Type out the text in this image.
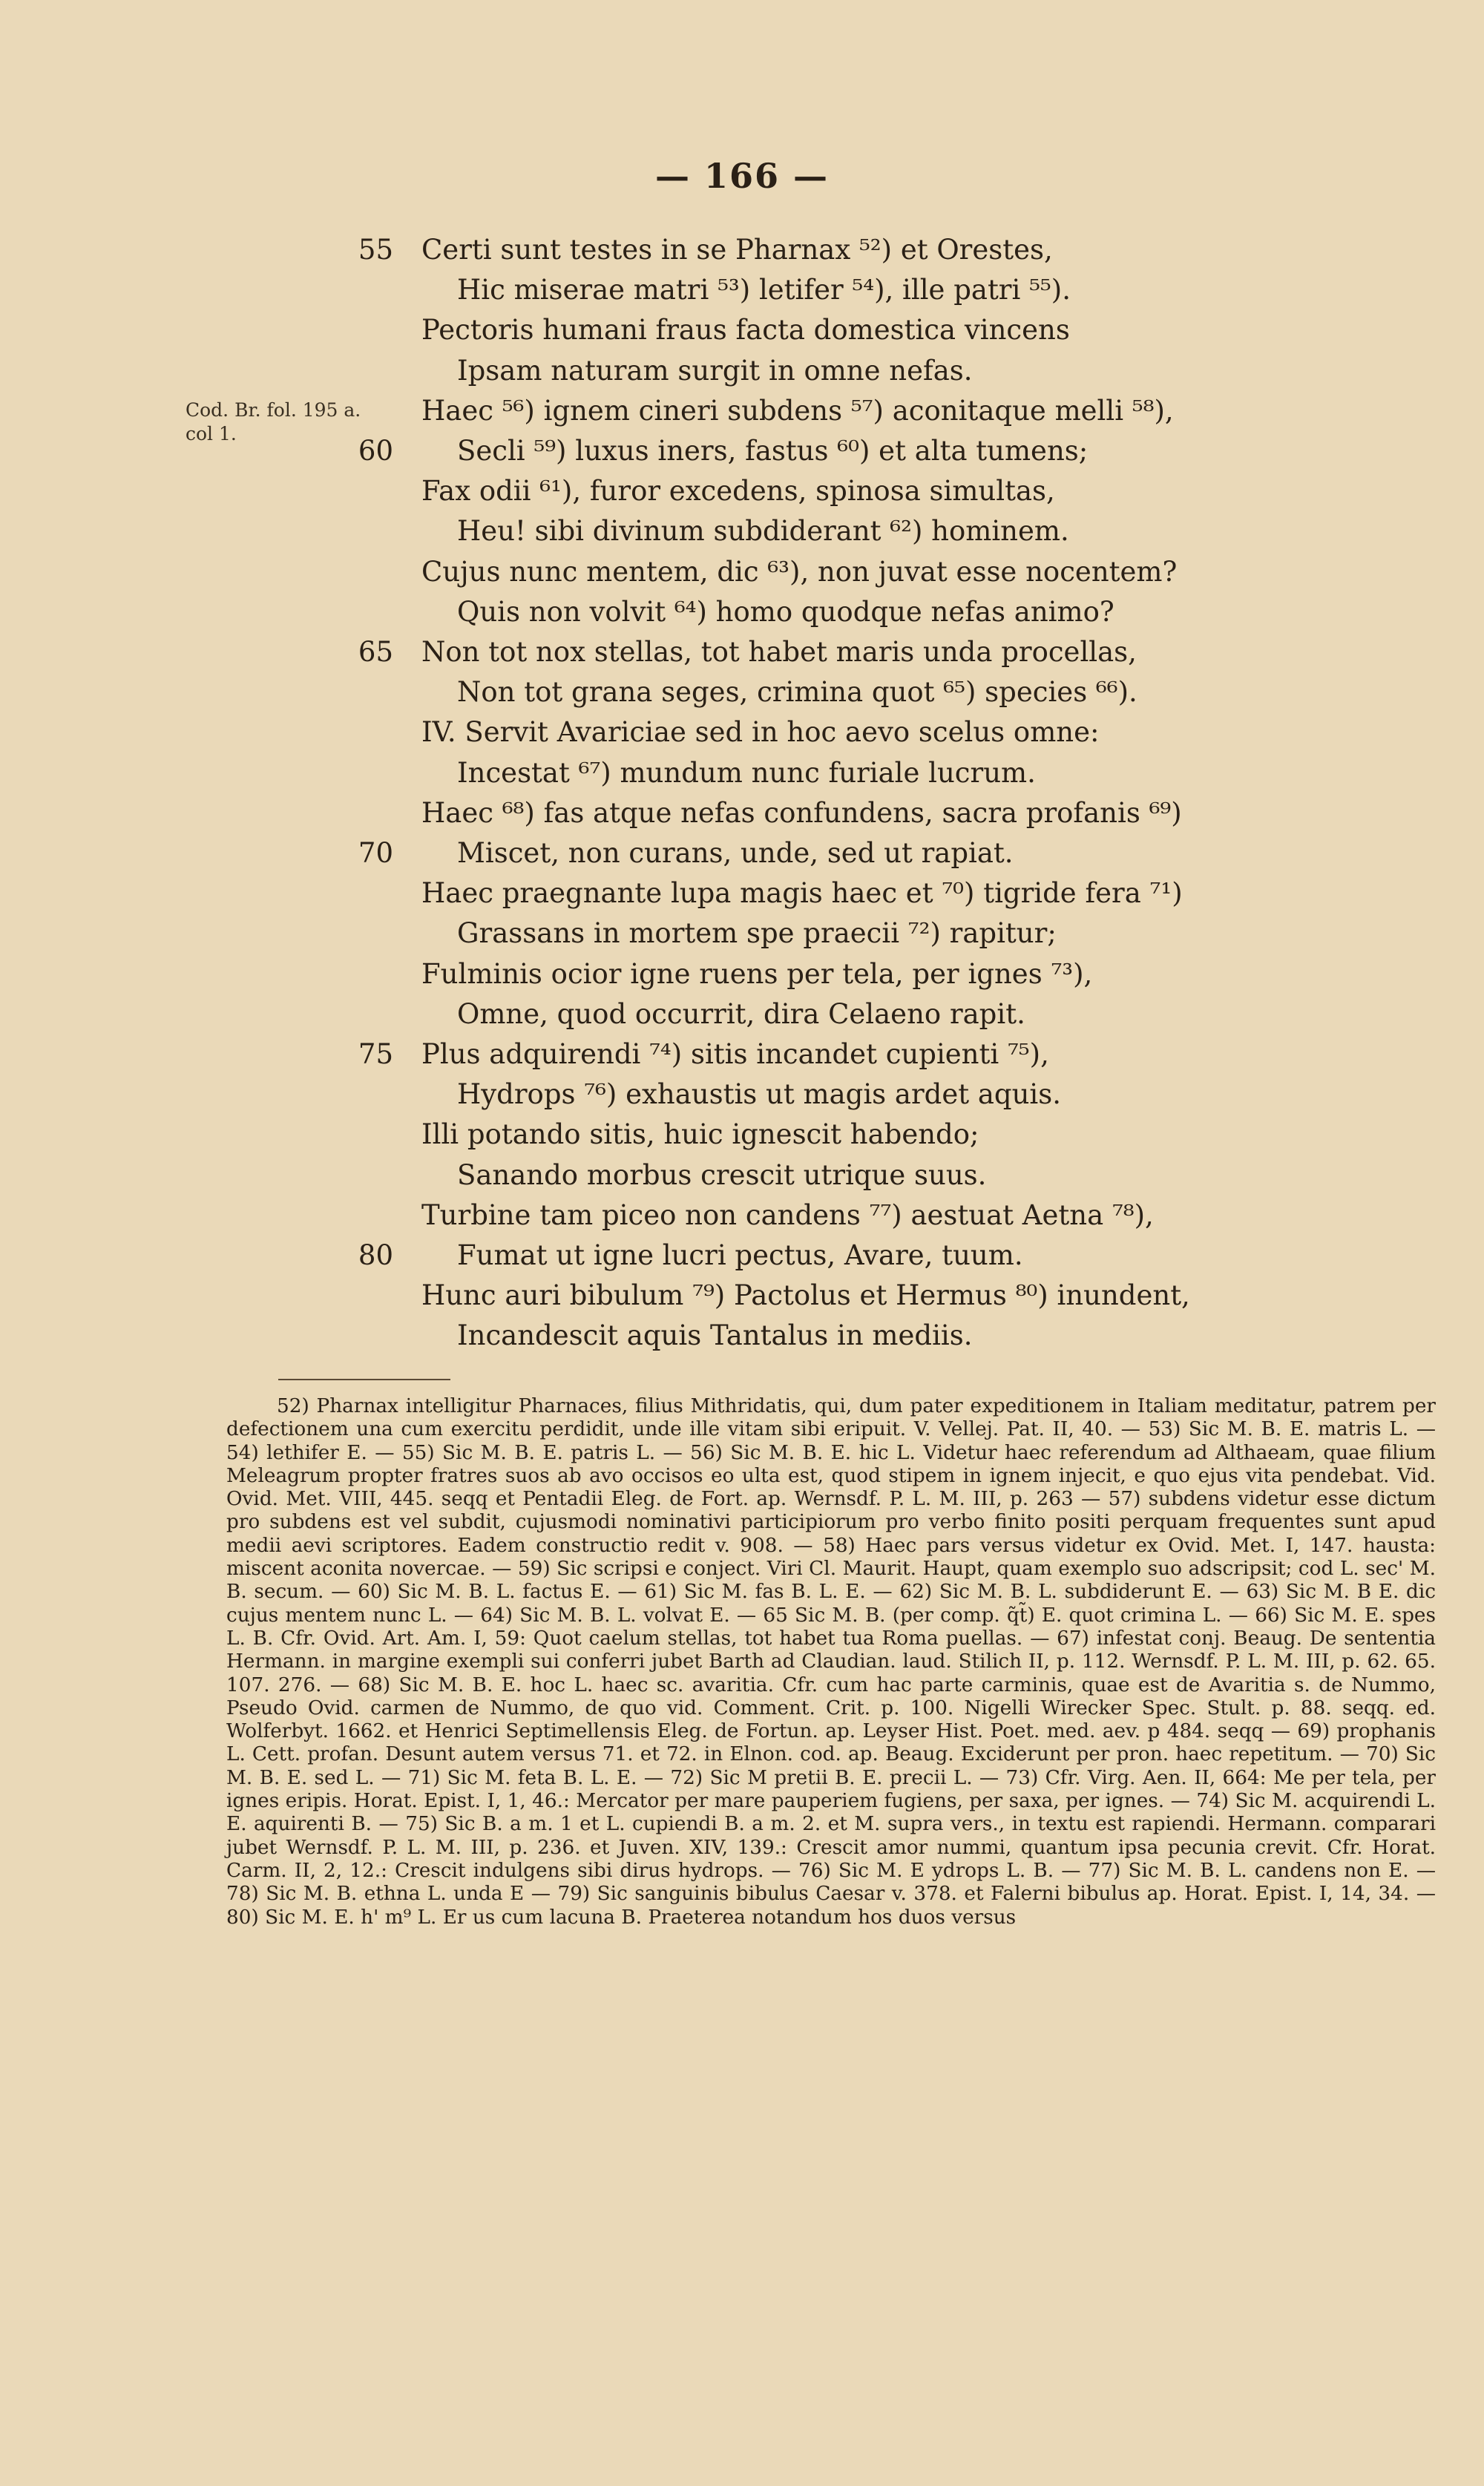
— 166 —
Cod. Br. fol. 195 a. col 1.
55 Certi sunt testes in se Pharnax ⁵²) et Orestes,
Hic miserae matri ⁵³) letifer ⁵⁴), ille patri ⁵⁵).
Pectoris humani fraus facta domestica vincens
Ipsam naturam surgit in omne nefas.
Haec ⁵⁶) ignem cineri subdens ⁵⁷) aconitaque melli ⁵⁸),
60 Secli ⁵⁹) luxus iners, fastus ⁶⁰) et alta tumens;
Fax odii ⁶¹), furor excedens, spinosa simultas,
Heu! sibi divinum subdiderant ⁶²) hominem.
Cujus nunc mentem, dic ⁶³), non juvat esse nocentem?
Quis non volvit ⁶⁴) homo quodque nefas animo?
65 Non tot nox stellas, tot habet maris unda procellas,
Non tot grana seges, crimina quot ⁶⁵) species ⁶⁶).
IV. Servit Avariciae sed in hoc aevo scelus omne:
Incestat ⁶⁷) mundum nunc furiale lucrum.
Haec ⁶⁸) fas atque nefas confundens, sacra profanis ⁶⁹)
70 Miscet, non curans, unde, sed ut rapiat.
Haec praegnante lupa magis haec et ⁷⁰) tigride fera ⁷¹)
Grassans in mortem spe praecii ⁷²) rapitur;
Fulminis ocior igne ruens per tela, per ignes ⁷³),
Omne, quod occurrit, dira Celaeno rapit.
75 Plus adquirendi ⁷⁴) sitis incandet cupienti ⁷⁵),
Hydrops ⁷⁶) exhaustis ut magis ardet aquis.
Illi potando sitis, huic ignescit habendo;
Sanando morbus crescit utrique suus.
Turbine tam piceo non candens ⁷⁷) aestuat Aetna ⁷⁸),
80 Fumat ut igne lucri pectus, Avare, tuum.
Hunc auri bibulum ⁷⁹) Pactolus et Hermus ⁸⁰) inundent,
Incandescit aquis Tantalus in mediis.

52) Pharnax intelligitur Pharnaces, filius Mithridatis, qui, dum pater expeditionem in Italiam meditatur, patrem per defectionem una cum exercitu perdidit, unde ille vitam sibi eripuit. V. Vellej. Pat. II, 40. — 53) Sic M. B. E. matris L. — 54) lethifer E. — 55) Sic M. B. E. patris L. — 56) Sic M. B. E. hic L. Videtur haec referendum ad Althaeam, quae filium Meleagrum propter fratres suos ab avo occisos eo ulta est, quod stipem in ignem injecit, e quo ejus vita pendebat. Vid. Ovid. Met. VIII, 445. seqq et Pentadii Eleg. de Fort. ap. Wernsdf. P. L. M. III, p. 263 — 57) subdens videtur esse dictum pro subdens est vel subdit, cujusmodi nominativi participiorum pro verbo finito positi perquam frequentes sunt apud medii aevi scriptores. Eadem constructio redit v. 908. — 58) Haec pars versus videtur ex Ovid. Met. I, 147. hausta: miscent aconita novercae. — 59) Sic scripsi e conject. Viri Cl. Maurit. Haupt, quam exemplo suo adscripsit; cod L. sec' M. B. secum. — 60) Sic M. B. L. factus E. — 61) Sic M. fas B. L. E. — 62) Sic M. B. L. subdiderunt E. — 63) Sic M. B E. dic cujus mentem nunc L. — 64) Sic M. B. L. volvat E. — 65 Sic M. B. (per comp. q̃t̃) E. quot crimina L. — 66) Sic M. E. spes L. B. Cfr. Ovid. Art. Am. I, 59: Quot caelum stellas, tot habet tua Roma puellas. — 67) infestat conj. Beaug. De sententia Hermann. in margine exempli sui conferri jubet Barth ad Claudian. laud. Stilich II, p. 112. Wernsdf. P. L. M. III, p. 62. 65. 107. 276. — 68) Sic M. B. E. hoc L. haec sc. avaritia. Cfr. cum hac parte carminis, quae est de Avaritia s. de Nummo, Pseudo Ovid. carmen de Nummo, de quo vid. Comment. Crit. p. 100. Nigelli Wirecker Spec. Stult. p. 88. seqq. ed. Wolferbyt. 1662. et Henrici Septimellensis Eleg. de Fortun. ap. Leyser Hist. Poet. med. aev. p 484. seqq — 69) prophanis L. Cett. profan. Desunt autem versus 71. et 72. in Elnon. cod. ap. Beaug. Exciderunt per pron. haec repetitum. — 70) Sic M. B. E. sed L. — 71) Sic M. feta B. L. E. — 72) Sic M pretii B. E. precii L. — 73) Cfr. Virg. Aen. II, 664: Me per tela, per ignes eripis. Horat. Epist. I, 1, 46.: Mercator per mare pauperiem fugiens, per saxa, per ignes. — 74) Sic M. acquirendi L. E. aquirenti B. — 75) Sic B. a m. 1 et L. cupiendi B. a m. 2. et M. supra vers., in textu est rapiendi. Hermann. comparari jubet Wernsdf. P. L. M. III, p. 236. et Juven. XIV, 139.: Crescit amor nummi, quantum ipsa pecunia crevit. Cfr. Horat. Carm. II, 2, 12.: Crescit indulgens sibi dirus hydrops. — 76) Sic M. E ydrops L. B. — 77) Sic M. B. L. candens non E. — 78) Sic M. B. ethna L. unda E — 79) Sic sanguinis bibulus Caesar v. 378. et Falerni bibulus ap. Horat. Epist. I, 14, 34. — 80) Sic M. E. h' m⁹ L. Er us cum lacuna B. Praeterea notandum hos duos versus
